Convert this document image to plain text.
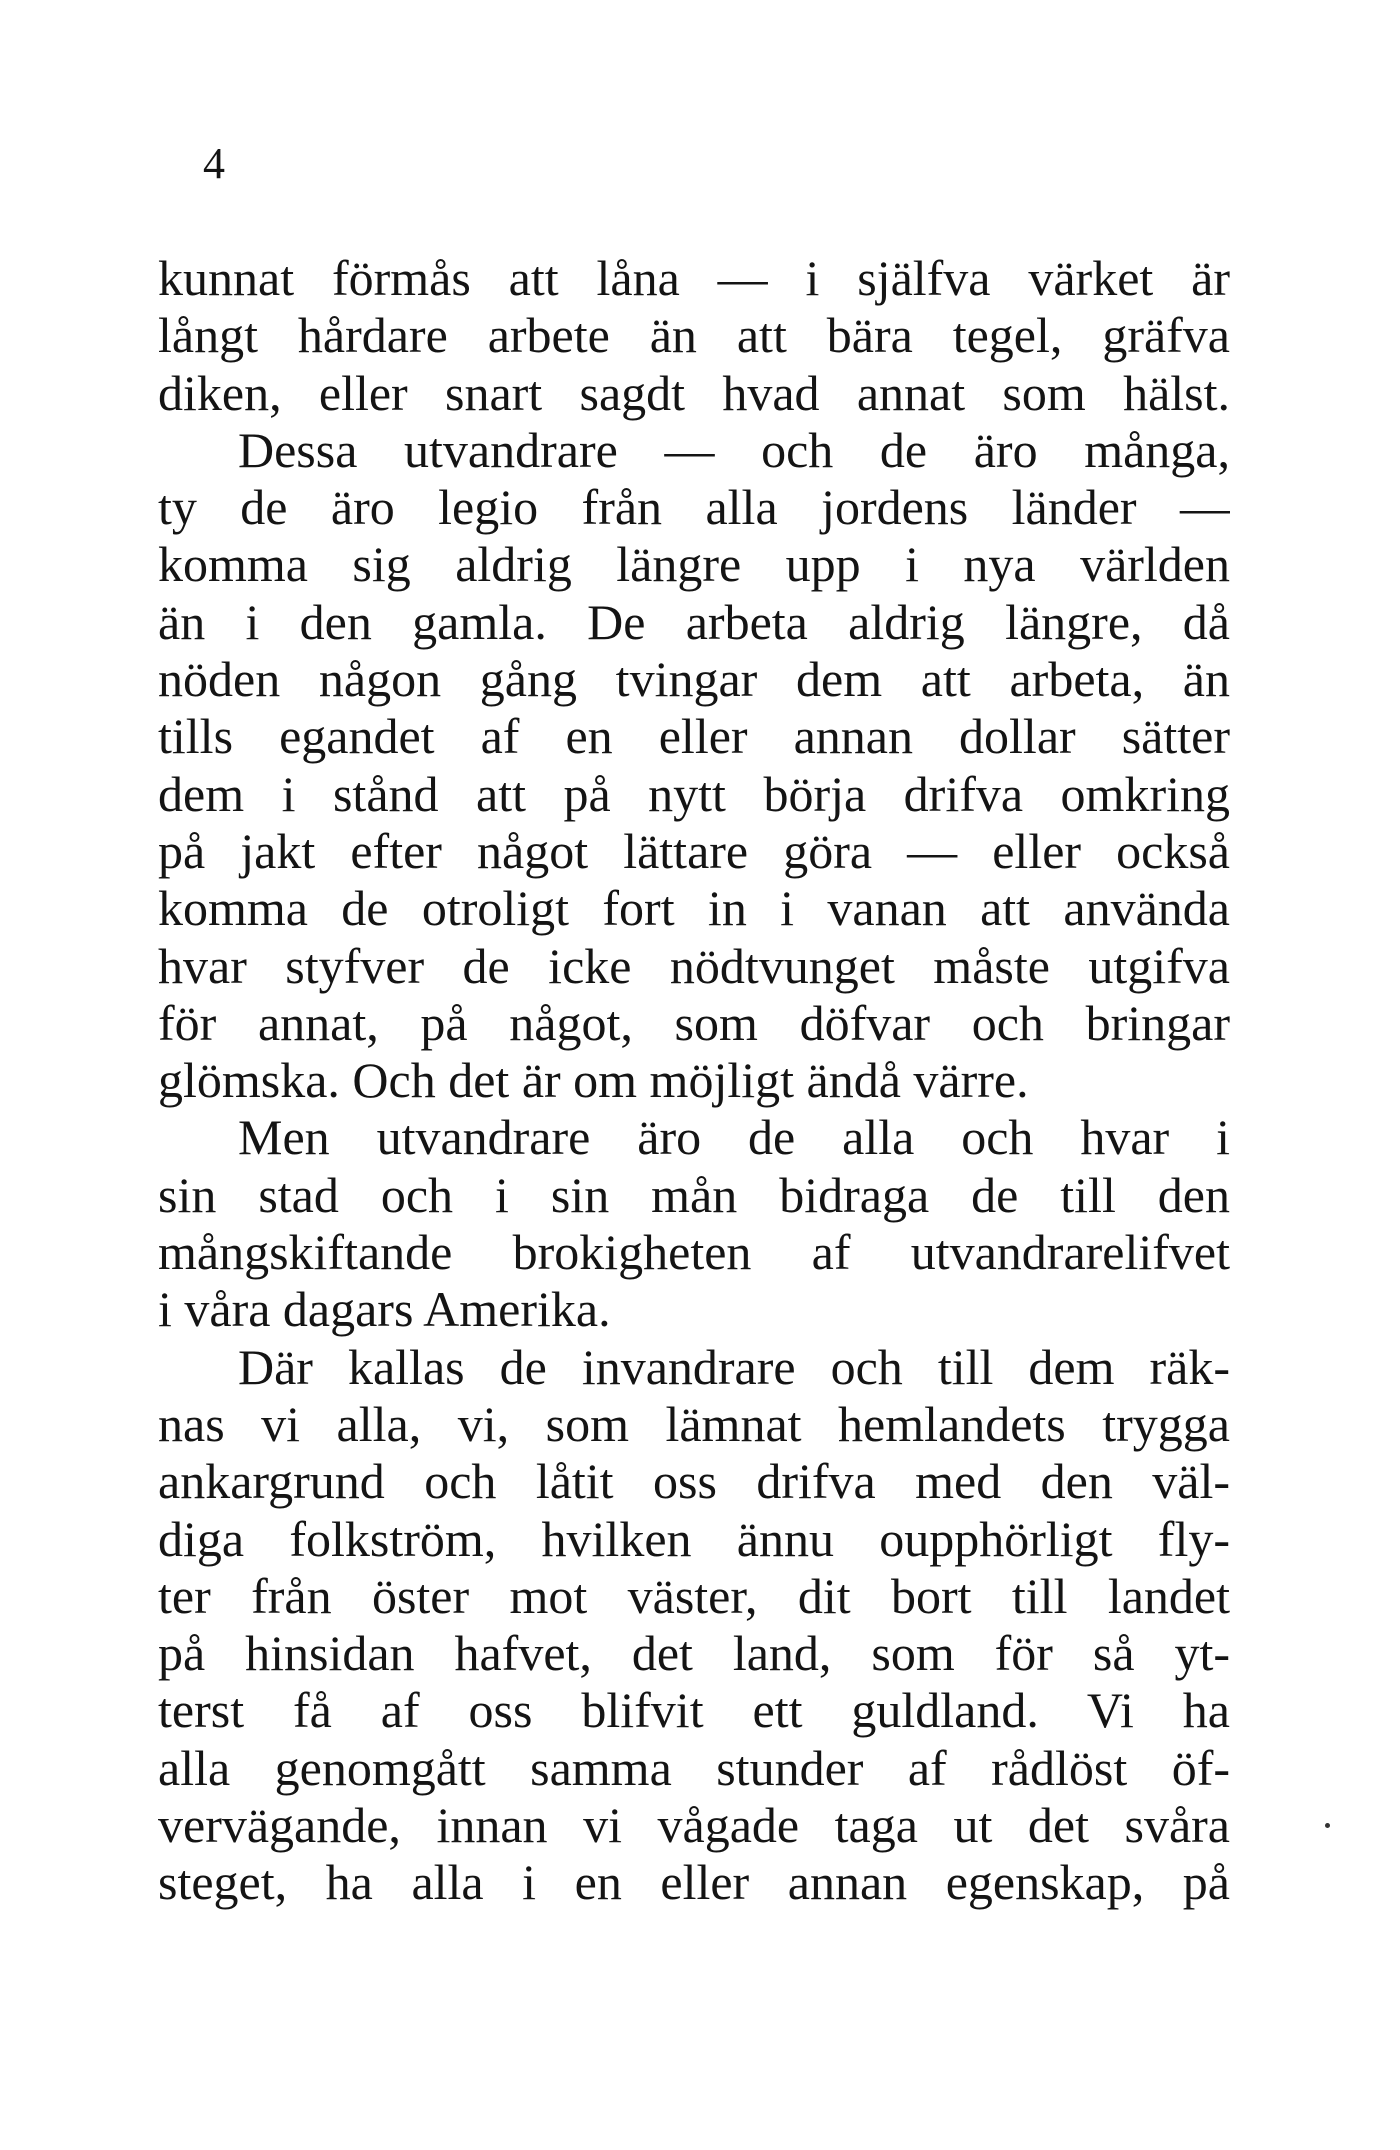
4
kunnat förmås att låna — i själfva värket är
långt hårdare arbete än att bära tegel, gräfva
diken, eller snart sagdt hvad annat som hälst.
Dessa utvandrare — och de äro många,
ty de äro legio från alla jordens länder —
komma sig aldrig längre upp i nya världen
än i den gamla. De arbeta aldrig längre, då
nöden någon gång tvingar dem att arbeta, än
tills egandet af en eller annan dollar sätter
dem i stånd att på nytt börja drifva omkring
på jakt efter något lättare göra — eller också
komma de otroligt fort in i vanan att använda
hvar styfver de icke nödtvunget måste utgifva
för annat, på något, som döfvar och bringar
glömska. Och det är om möjligt ändå värre.
Men utvandrare äro de alla och hvar i
sin stad och i sin mån bidraga de till den
mångskiftande brokigheten af utvandrarelifvet
i våra dagars Amerika.
Där kallas de invandrare och till dem räk-
nas vi alla, vi, som lämnat hemlandets trygga
ankargrund och låtit oss drifva med den väl-
diga folkström, hvilken ännu oupphörligt fly-
ter från öster mot väster, dit bort till landet
på hinsidan hafvet, det land, som för så yt-
terst få af oss blifvit ett guldland. Vi ha
alla genomgått samma stunder af rådlöst öf-
vervägande, innan vi vågade taga ut det svåra
steget, ha alla i en eller annan egenskap, på
